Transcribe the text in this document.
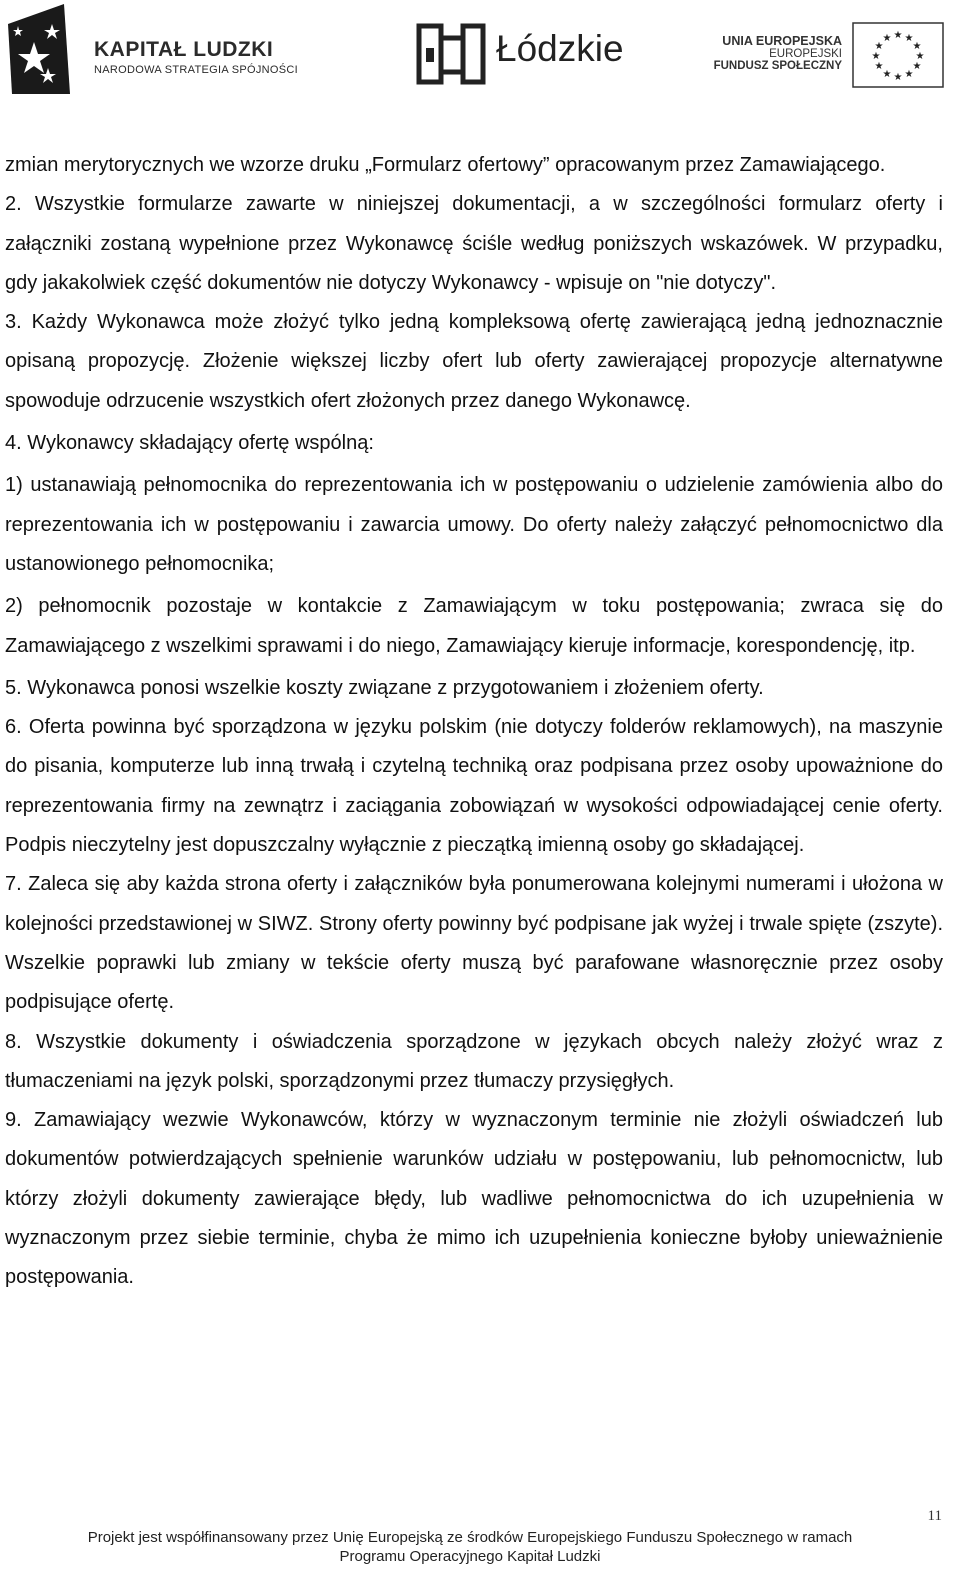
KAPITAŁ LUDZKI
NARODOWA STRATEGIA SPÓJNOŚCI
Łódzkie	UNIA EUROPEJSKA
EUROPEJSKI
FUNDUSZ SPOŁECZNY
★ ★
★
★
★
★
★
★
★
★
★
★

zmian merytorycznych we wzorze druku „Formularz ofertowy” opracowanym przez Zamawiającego.

2. Wszystkie formularze zawarte w niniejszej dokumentacji, a w szczególności formularz oferty i załączniki zostaną wypełnione przez Wykonawcę ściśle według poniższych wskazówek. W przypadku, gdy jakakolwiek część dokumentów nie dotyczy Wykonawcy - wpisuje on "nie dotyczy".

3. Każdy Wykonawca może złożyć tylko jedną kompleksową ofertę zawierającą jedną jednoznacznie opisaną propozycję. Złożenie większej liczby ofert lub oferty zawierającej propozycje alternatywne spowoduje odrzucenie wszystkich ofert złożonych przez danego Wykonawcę.

4. Wykonawcy składający ofertę wspólną:

1) ustanawiają pełnomocnika do reprezentowania ich w postępowaniu o udzielenie zamówienia albo do reprezentowania ich w postępowaniu i zawarcia umowy. Do oferty należy załączyć pełnomocnictwo dla ustanowionego pełnomocnika;

2) pełnomocnik pozostaje w kontakcie z Zamawiającym w toku postępowania; zwraca się do Zamawiającego z wszelkimi sprawami i do niego, Zamawiający kieruje informacje, korespondencję, itp.

5. Wykonawca ponosi wszelkie koszty związane z przygotowaniem i złożeniem oferty.

6. Oferta powinna być sporządzona w języku polskim (nie dotyczy folderów reklamowych), na maszynie do pisania, komputerze lub inną trwałą i czytelną techniką oraz podpisana przez osoby upoważnione do reprezentowania firmy na zewnątrz i zaciągania zobowiązań w wysokości odpowiadającej cenie oferty. Podpis nieczytelny jest dopuszczalny wyłącznie z pieczątką imienną osoby go składającej.

7. Zaleca się aby każda strona oferty i załączników była ponumerowana kolejnymi numerami i ułożona w kolejności przedstawionej w SIWZ. Strony oferty powinny być podpisane jak wyżej i trwale spięte (zszyte). Wszelkie poprawki lub zmiany w tekście oferty muszą być parafowane własnoręcznie przez osoby podpisujące ofertę.

8. Wszystkie dokumenty i oświadczenia sporządzone w językach obcych należy złożyć wraz z tłumaczeniami na język polski, sporządzonymi przez tłumaczy przysięgłych.

9. Zamawiający wezwie Wykonawców, którzy w wyznaczonym terminie nie złożyli oświadczeń lub dokumentów potwierdzających spełnienie warunków udziału w postępowaniu, lub pełnomocnictw, lub którzy złożyli dokumenty zawierające błędy, lub wadliwe pełnomocnictwa do ich uzupełnienia w wyznaczonym przez siebie terminie, chyba że mimo ich uzupełnienia konieczne byłoby unieważnienie postępowania.

11
Projekt jest współfinansowany przez Unię Europejską ze środków Europejskiego Funduszu Społecznego w ramach
Programu Operacyjnego Kapitał Ludzki
